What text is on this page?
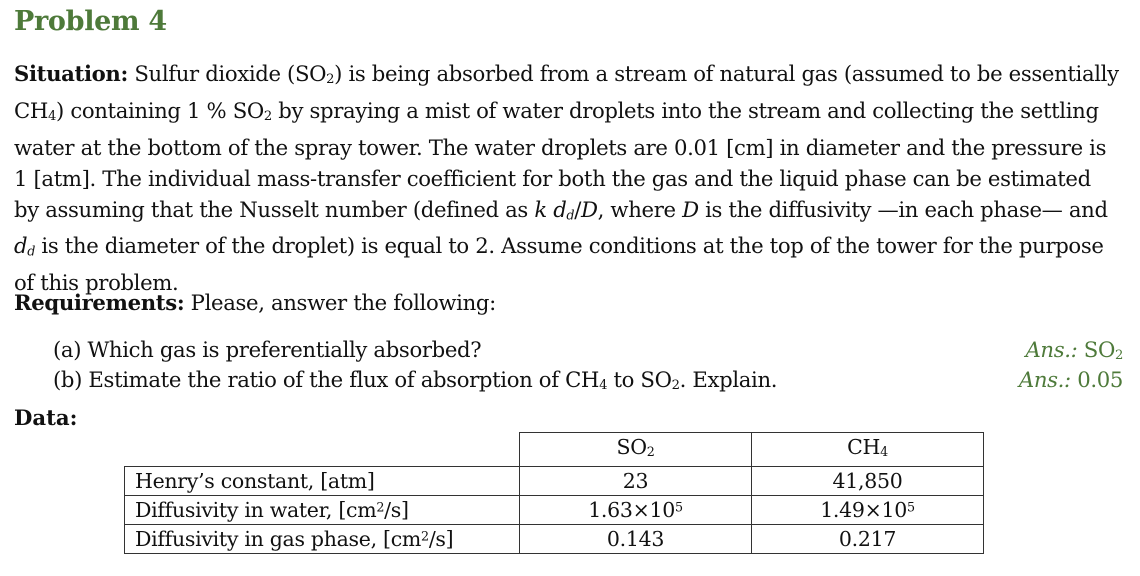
Problem 4

Situation: Sulfur dioxide $(SO_2)$ is being absorbed from a stream of natural gas (assumed to be essentially $CH_4$) containing 1 % $SO_2$ by spraying a mist of water droplets into the stream and collecting the settling water at the bottom of the spray tower. The water droplets are 0.01 [cm] in diameter and the pressure is 1 [atm]. The individual mass-transfer coefficient for both the gas and the liquid phase can be estimated by assuming that the Nusselt number (defined as k $d_d/D$, where D is the diffusivity —in each phase— and $d_d$ is the diameter of the droplet) is equal to 2. Assume conditions at the top of the tower for the purpose of this problem.

Requirements: Please, answer the following:

(a) Which gas is preferentially absorbed?	Ans.: $SO_2$
(b) Estimate the ratio of the flux of absorption of $CH_4$ to $SO_2$. Explain.	Ans.: 0.05
Data:
	$SO_2$	$CH_4$
Henry’s constant, [atm]	23	41,850
Diffusivity in water, $[cm^2/s]$	$1.63\times 10^5$	$1.49\times 10^5$
Diffusivity in gas phase, $[cm^2/s]$	0.143	0.217
